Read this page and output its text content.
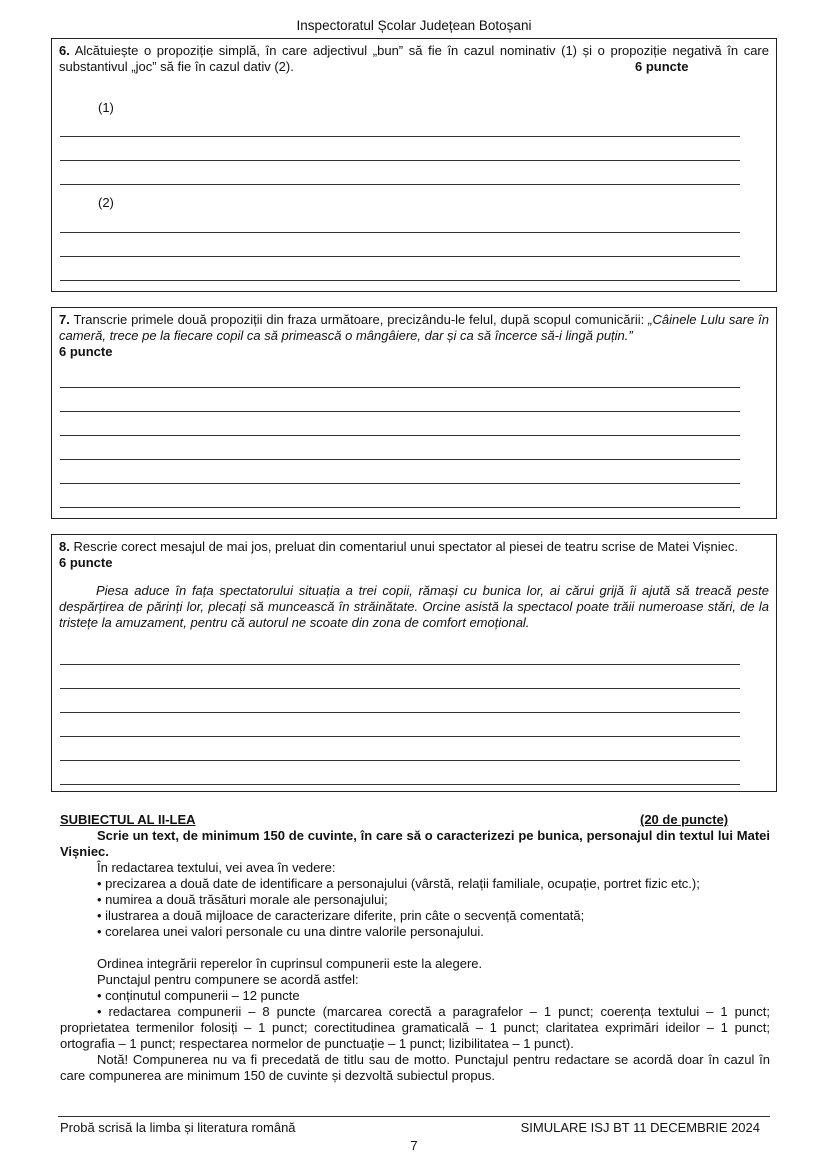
Inspectoratul Școlar Județean Botoșani
6. Alcătuiește o propoziție simplă, în care adjectivul „bun” să fie în cazul nominativ (1) și o propoziție negativă în care substantivul „joc” să fie în cazul dativ (2).	6 puncte
(1)
(2)
7. Transcrie primele două propoziții din fraza următoare, precizându-le felul, după scopul comunicării: „Câinele Lulu sare în cameră, trece pe la fiecare copil ca să primească o mângâiere, dar și ca să încerce să-i lingă puțin.”
6 puncte
8. Rescrie corect mesajul de mai jos, preluat din comentariul unui spectator al piesei de teatru scrise de Matei Vișniec.
6 puncte
Piesa aduce în fața spectatorului situația a trei copii, rămași cu bunica lor, ai cărui grijă îi ajută să treacă peste despărțirea de părinți lor, plecați să muncească în străinătate. Orcine asistă la spectacol poate trăii numeroase stări, de la tristețe la amuzament, pentru că autorul ne scoate din zona de comfort emoțional.
SUBIECTUL AL II-LEA	(20 de puncte)
Scrie un text, de minimum 150 de cuvinte, în care să o caracterizezi pe bunica, personajul din textul lui Matei Vișniec.
În redactarea textului, vei avea în vedere:
• precizarea a două date de identificare a personajului (vârstă, relații familiale, ocupație, portret fizic etc.);
• numirea a două trăsături morale ale personajului;
• ilustrarea a două mijloace de caracterizare diferite, prin câte o secvență comentată;
• corelarea unei valori personale cu una dintre valorile personajului.
Ordinea integrării reperelor în cuprinsul compunerii este la alegere.
Punctajul pentru compunere se acordă astfel:
• conținutul compunerii – 12 puncte
• redactarea compunerii – 8 puncte (marcarea corectă a paragrafelor – 1 punct; coerența textului – 1 punct; proprietatea termenilor folosiți – 1 punct; corectitudinea gramaticală – 1 punct; claritatea exprimări ideilor – 1 punct; ortografia – 1 punct; respectarea normelor de punctuație – 1 punct; lizibilitatea – 1 punct).
Notă! Compunerea nu va fi precedată de titlu sau de motto. Punctajul pentru redactare se acordă doar în cazul în care compunerea are minimum 150 de cuvinte și dezvoltă subiectul propus.
Probă scrisă la limba și literatura română	SIMULARE ISJ BT 11 DECEMBRIE 2024
7
